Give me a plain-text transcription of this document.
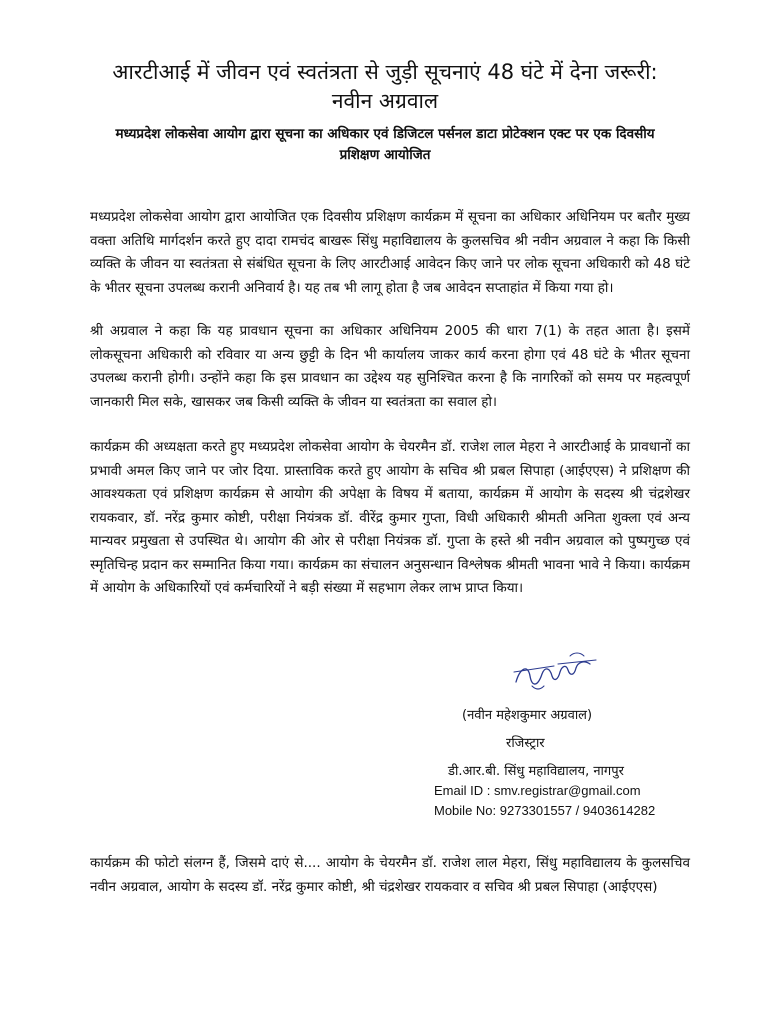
आरटीआई में जीवन एवं स्वतंत्रता से जुड़ी सूचनाएं 48 घंटे में देना जरूरी: नवीन अग्रवाल
मध्यप्रदेश लोकसेवा आयोग द्वारा सूचना का अधिकार एवं डिजिटल पर्सनल डाटा प्रोटेक्शन एक्ट पर एक दिवसीय प्रशिक्षण आयोजित

मध्यप्रदेश लोकसेवा आयोग द्वारा आयोजित एक दिवसीय प्रशिक्षण कार्यक्रम में सूचना का अधिकार अधिनियम पर बतौर मुख्य वक्ता अतिथि मार्गदर्शन करते हुए दादा रामचंद बाखरू सिंधु महाविद्यालय के कुलसचिव श्री नवीन अग्रवाल ने कहा कि किसी व्यक्ति के जीवन या स्वतंत्रता से संबंधित सूचना के लिए आरटीआई आवेदन किए जाने पर लोक सूचना अधिकारी को 48 घंटे के भीतर सूचना उपलब्ध करानी अनिवार्य है। यह तब भी लागू होता है जब आवेदन सप्ताहांत में किया गया हो।

श्री अग्रवाल ने कहा कि यह प्रावधान सूचना का अधिकार अधिनियम 2005 की धारा 7(1) के तहत आता है। इसमें लोकसूचना अधिकारी को रविवार या अन्य छुट्टी के दिन भी कार्यालय जाकर कार्य करना होगा एवं 48 घंटे के भीतर सूचना उपलब्ध करानी होगी। उन्होंने कहा कि इस प्रावधान का उद्देश्य यह सुनिश्चित करना है कि नागरिकों को समय पर महत्वपूर्ण जानकारी मिल सके, खासकर जब किसी व्यक्ति के जीवन या स्वतंत्रता का सवाल हो।

कार्यक्रम की अध्यक्षता करते हुए मध्यप्रदेश लोकसेवा आयोग के चेयरमैन डॉ. राजेश लाल मेहरा ने आरटीआई के प्रावधानों का प्रभावी अमल किए जाने पर जोर दिया. प्रास्ताविक करते हुए आयोग के सचिव श्री प्रबल सिपाहा (आईएएस) ने प्रशिक्षण की आवश्यकता एवं प्रशिक्षण कार्यक्रम से आयोग की अपेक्षा के विषय में बताया, कार्यक्रम में आयोग के सदस्य श्री चंद्रशेखर रायकवार, डॉ. नरेंद्र कुमार कोष्टी, परीक्षा नियंत्रक डॉ. वीरेंद्र कुमार गुप्ता, विधी अधिकारी श्रीमती अनिता शुक्ला एवं अन्य मान्यवर प्रमुखता से उपस्थित थे। आयोग की ओर से परीक्षा नियंत्रक डॉ. गुप्ता के हस्ते श्री नवीन अग्रवाल को पुष्पगुच्छ एवं स्मृतिचिन्ह प्रदान कर सम्मानित किया गया। कार्यक्रम का संचालन अनुसन्धान विश्लेषक श्रीमती भावना भावे ने किया। कार्यक्रम में आयोग के अधिकारियों एवं कर्मचारियों ने बड़ी संख्या में सहभाग लेकर लाभ प्राप्त किया।

(नवीन महेशकुमार अग्रवाल)

रजिस्ट्रार

डी.आर.बी. सिंधु महाविद्यालय, नागपुर

Email ID : smv.registrar@gmail.com

Mobile No: 9273301557 / 9403614282

कार्यक्रम की फोटो संलग्न हैं, जिसमे दाएं से.... आयोग के चेयरमैन डॉ. राजेश लाल मेहरा, सिंधु महाविद्यालय के कुलसचिव नवीन अग्रवाल, आयोग के सदस्य डॉ. नरेंद्र कुमार कोष्टी, श्री चंद्रशेखर रायकवार व सचिव श्री प्रबल सिपाहा (आईएएस)
